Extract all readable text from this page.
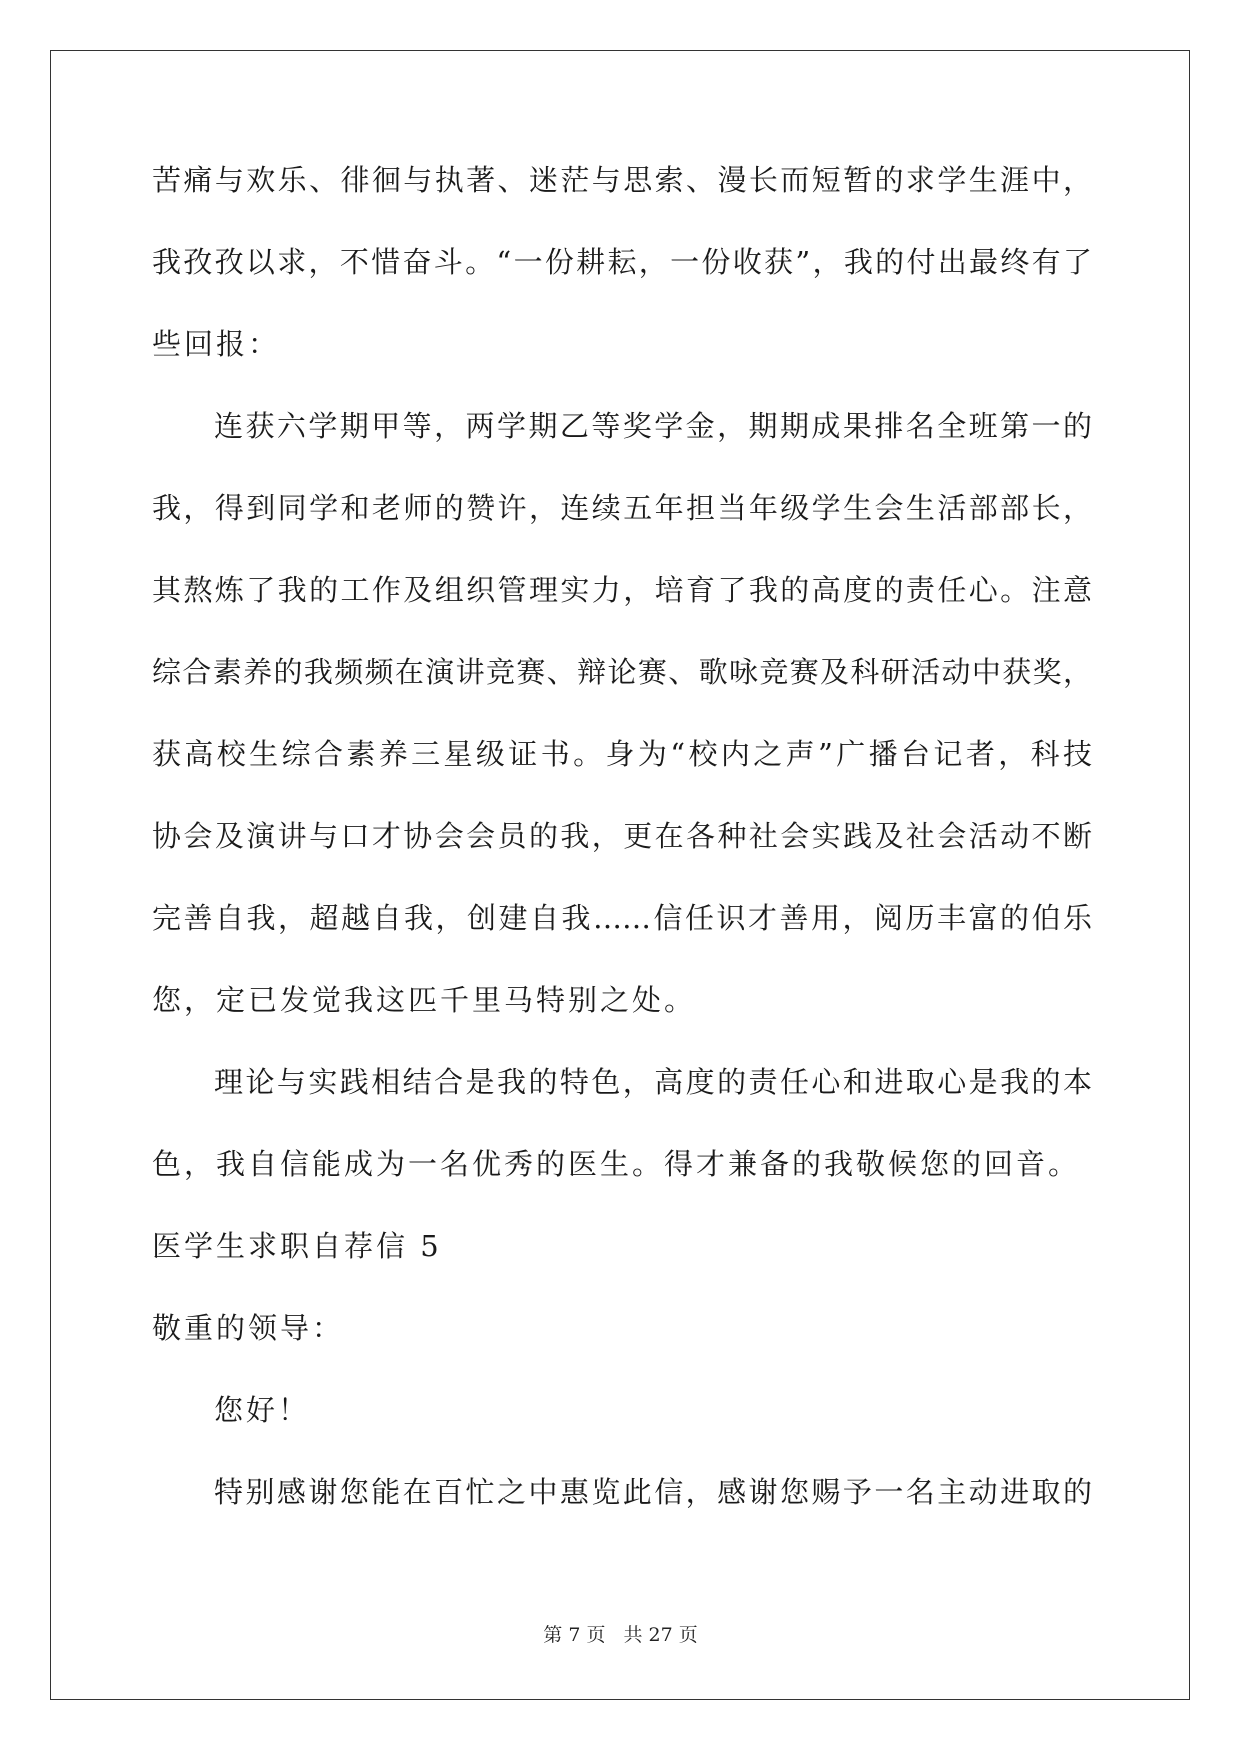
苦痛与欢乐、徘徊与执著、迷茫与思索、漫长而短暂的求学生涯中，
我孜孜以求，不惜奋斗。“一份耕耘，一份收获”，我的付出最终有了
些回报：
连获六学期甲等，两学期乙等奖学金，期期成果排名全班第一的
我，得到同学和老师的赞许，连续五年担当年级学生会生活部部长，
其熬炼了我的工作及组织管理实力，培育了我的高度的责任心。注意
综合素养的我频频在演讲竞赛、辩论赛、歌咏竞赛及科研活动中获奖，
获高校生综合素养三星级证书。身为“校内之声”广播台记者，科技
协会及演讲与口才协会会员的我，更在各种社会实践及社会活动不断
完善自我，超越自我，创建自我……信任识才善用，阅历丰富的伯乐
您，定已发觉我这匹千里马特别之处。
理论与实践相结合是我的特色，高度的责任心和进取心是我的本
色，我自信能成为一名优秀的医生。得才兼备的我敬候您的回音。
医学生求职自荐信 5
敬重的领导：
您好！
特别感谢您能在百忙之中惠览此信，感谢您赐予一名主动进取的
第 7 页 共 27 页
